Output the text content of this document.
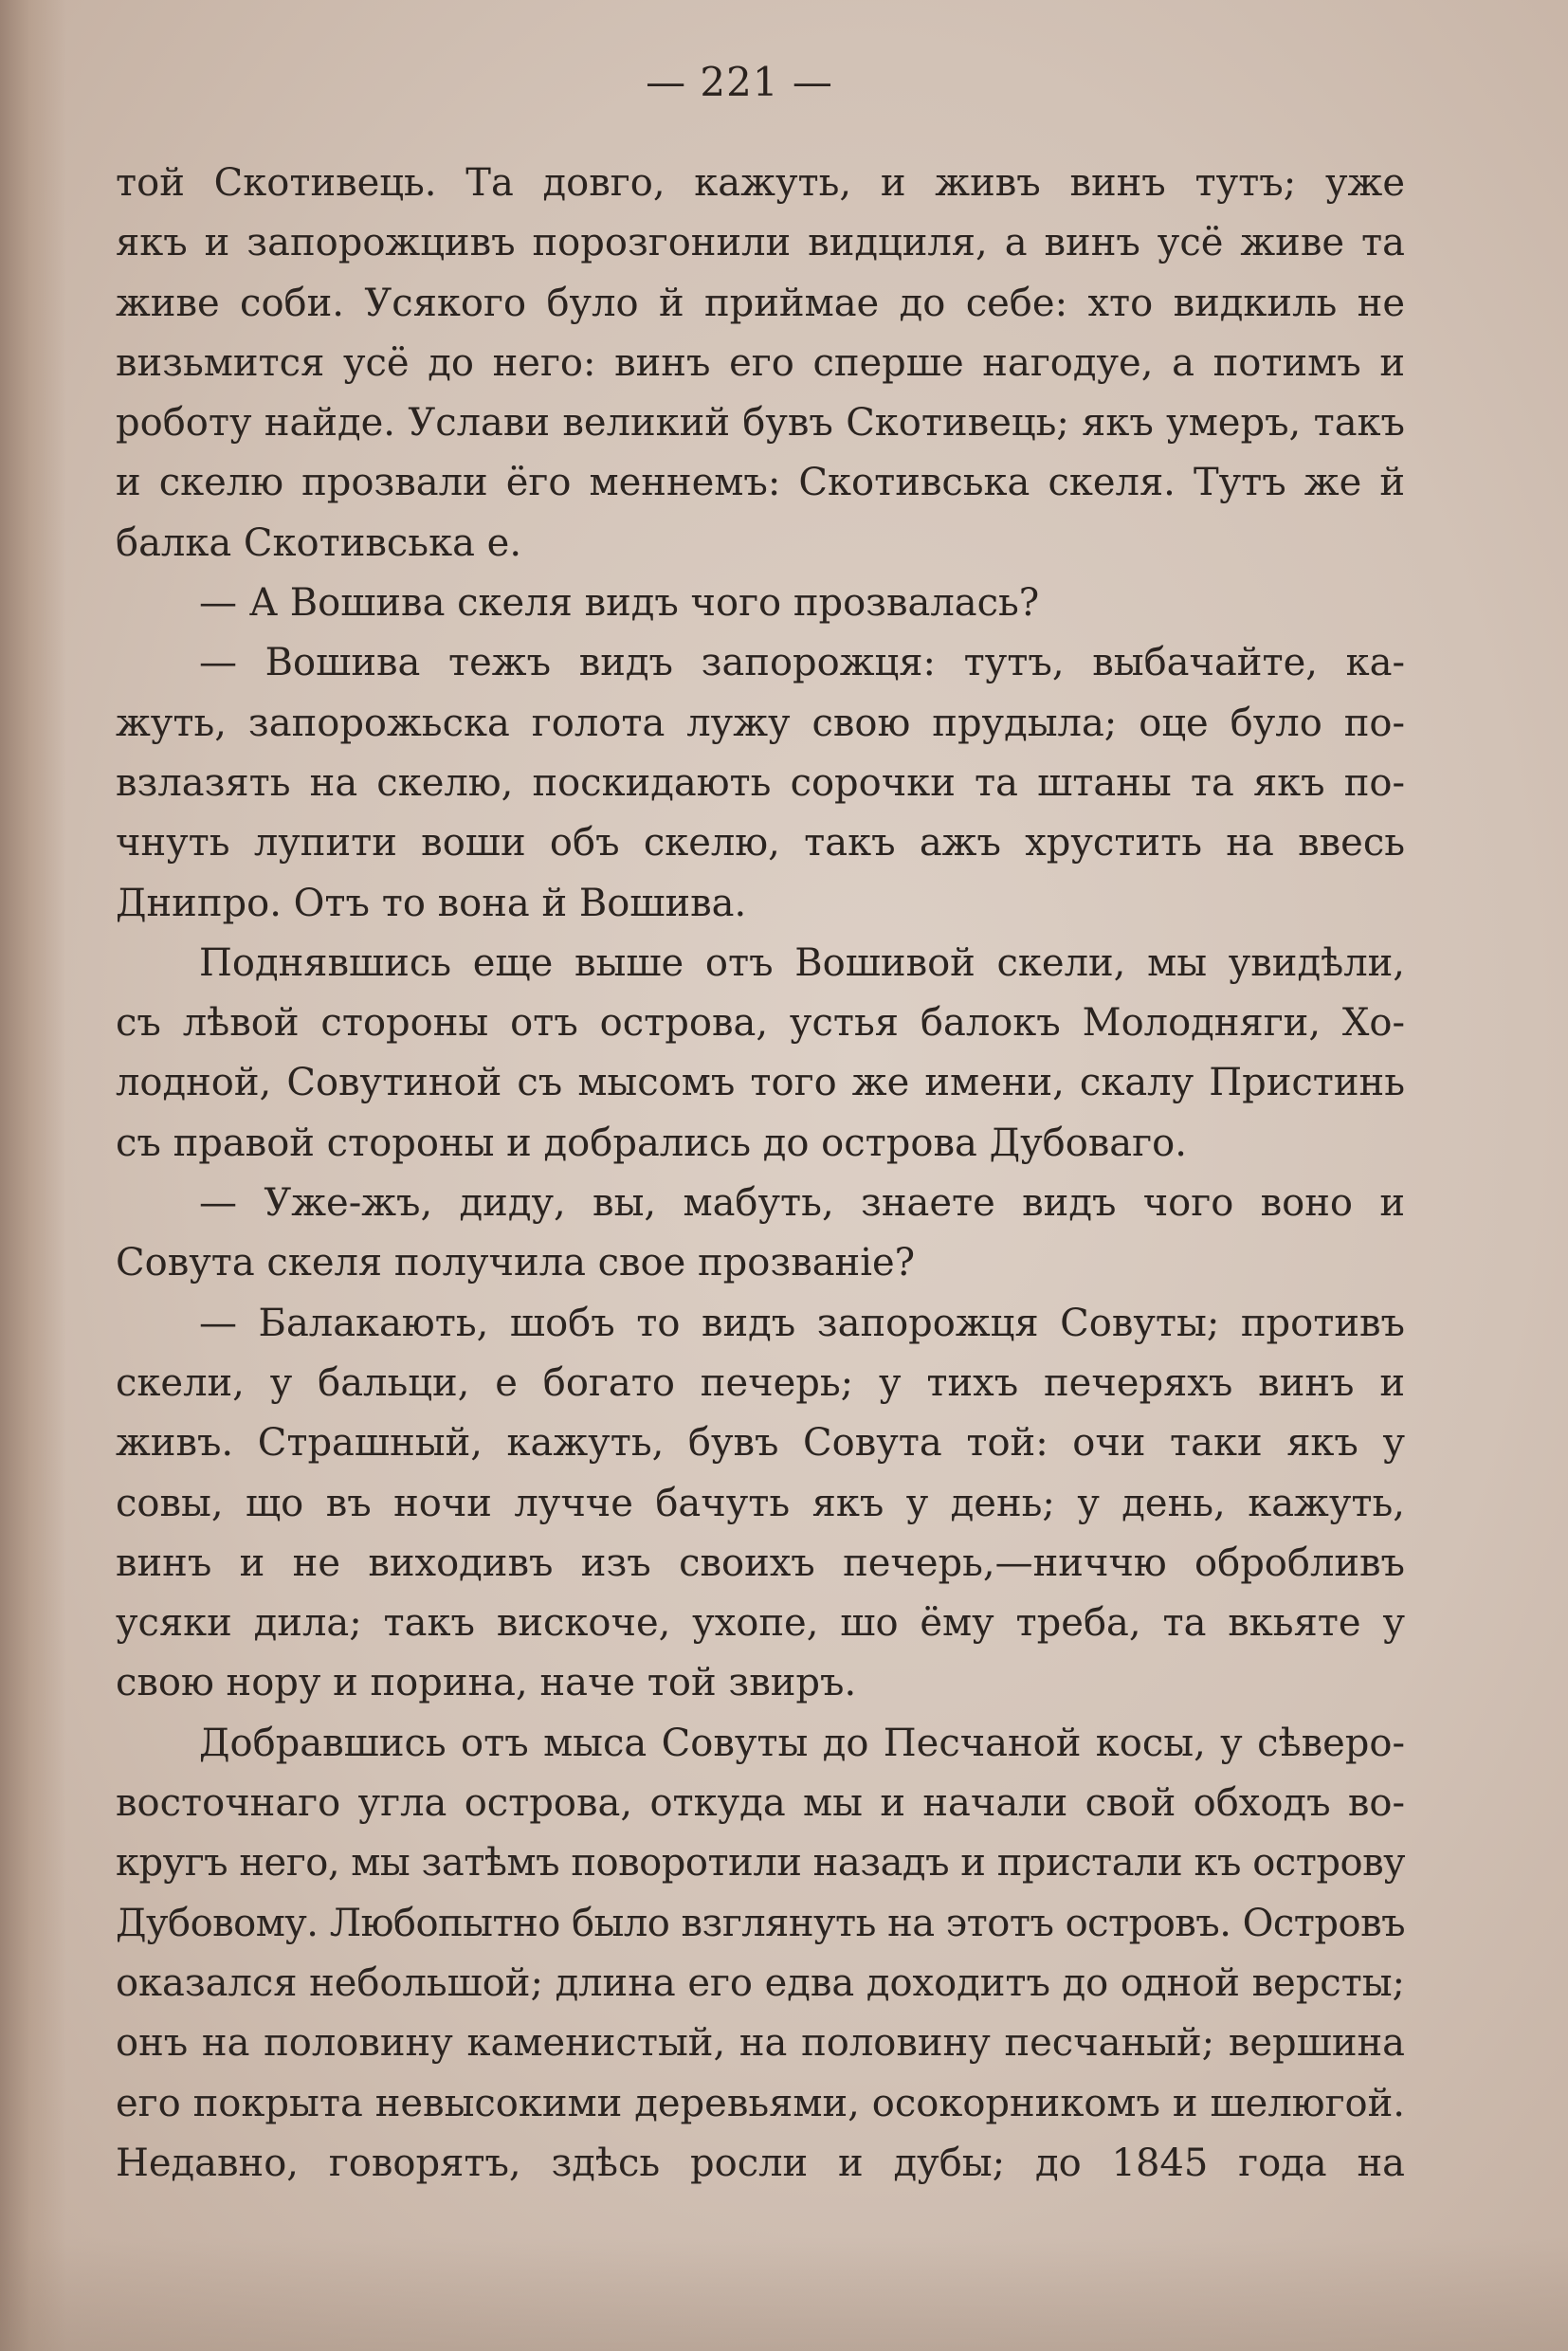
— 221 —
той Скотивець. Та довго, кажуть, и живъ винъ тутъ; уже
якъ и запорожцивъ порозгонили видциля, а винъ усё живе та
живе соби. Усякого було й приймае до себе: хто видкиль не
визьмится усё до него: винъ его сперше нагодуе, а потимъ и
роботу найде. Услави великий бувъ Скотивець; якъ умеръ, такъ
и скелю прозвали ёго меннемъ: Скотивська скеля. Тутъ же й
балка Скотивська е.
— А Вошива скеля видъ чого прозвалась?
— Вошива тежъ видъ запорожця: тутъ, выбачайте, ка-
жуть, запорожьска голота лужу свою прудыла; оце було по-
взлазять на скелю, поскидають сорочки та штаны та якъ по-
чнуть лупити воши объ скелю, такъ ажъ хрустить на ввесь
Днипро. Отъ то вона й Вошива.
Поднявшись еще выше отъ Вошивой скели, мы увидѣли,
съ лѣвой стороны отъ острова, устья балокъ Молодняги, Хо-
лодной, Совутиной съ мысомъ того же имени, скалу Пристинь
съ правой стороны и добрались до острова Дубоваго.
— Уже-жъ, диду, вы, мабуть, знаете видъ чого воно и
Совута скеля получила свое прозваніе?
— Балакають, шобъ то видъ запорожця Совуты; противъ
скели, у бальци, е богато печерь; у тихъ печеряхъ винъ и
живъ. Страшный, кажуть, бувъ Совута той: очи таки якъ у
совы, що въ ночи лучче бачуть якъ у день; у день, кажуть,
винъ и не виходивъ изъ своихъ печерь,—ниччю обробливъ
усяки дила; такъ вискоче, ухопе, шо ёму треба, та вкьяте у
свою нору и порина, наче той звиръ.
Добравшись отъ мыса Совуты до Песчаной косы, у сѣверо-
восточнаго угла острова, откуда мы и начали свой обходъ во-
кругъ него, мы затѣмъ поворотили назадъ и пристали къ острову
Дубовому. Любопытно было взглянуть на этотъ островъ. Островъ
оказался небольшой; длина его едва доходитъ до одной версты;
онъ на половину каменистый, на половину песчаный; вершина
его покрыта невысокими деревьями, осокорникомъ и шелюгой.
Недавно, говорятъ, здѣсь росли и дубы; до 1845 года на
